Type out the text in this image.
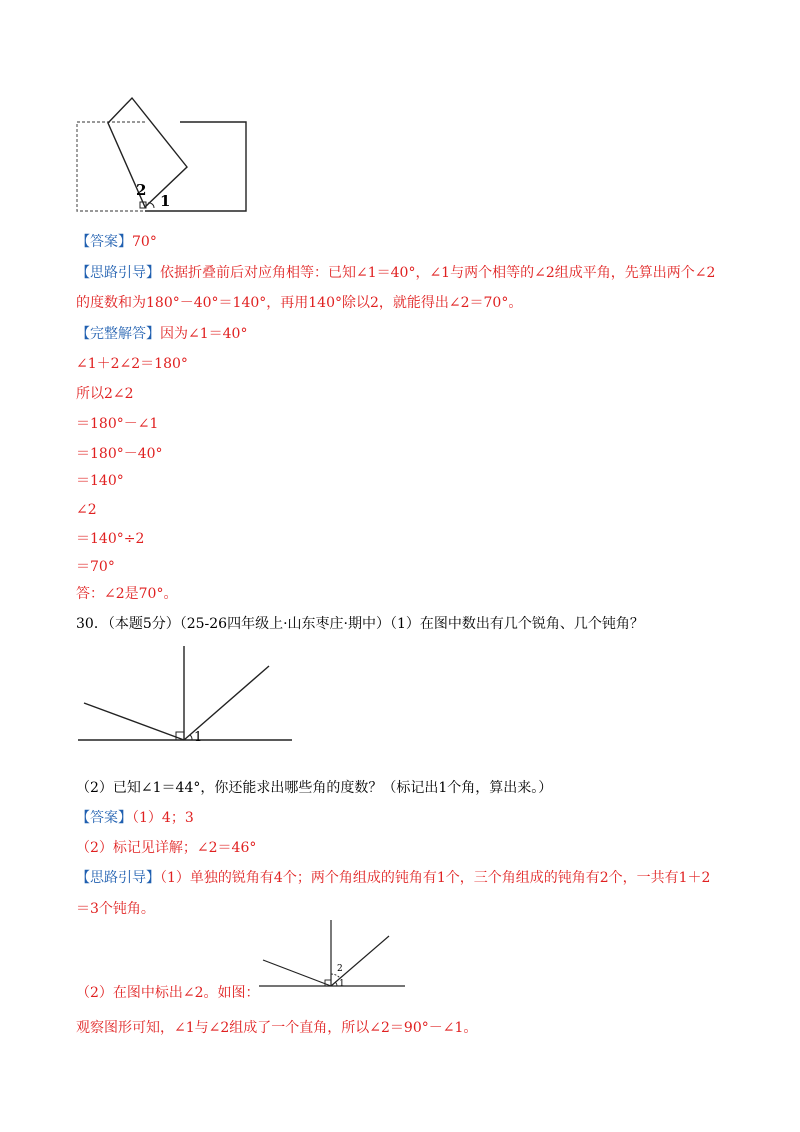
2
1
【答案】70°
【思路引导】依据折叠前后对应角相等：已知∠1＝40°，∠1与两个相等的∠2组成平角，先算出两个∠2
的度数和为180°－40°＝140°，再用140°除以2，就能得出∠2＝70°。
【完整解答】因为∠1＝40°
∠1＋2∠2＝180°
所以2∠2
＝180°－∠1
＝180°－40°
＝140°
∠2
＝140°÷2
＝70°
答：∠2是70°。
30．（本题5分）（25-26四年级上·山东枣庄·期中）（1）在图中数出有几个锐角、几个钝角？
1
（2）已知∠1＝44°，你还能求出哪些角的度数？（标记出1个角，算出来。）
【答案】（1）4；3
（2）标记见详解；∠2＝46°
【思路引导】（1）单独的锐角有4个；两个角组成的钝角有1个，三个角组成的钝角有2个，一共有1＋2
＝3个钝角。
（2）在图中标出∠2。如图：
观察图形可知，∠1与∠2组成了一个直角，所以∠2＝90°－∠1。
2
1
